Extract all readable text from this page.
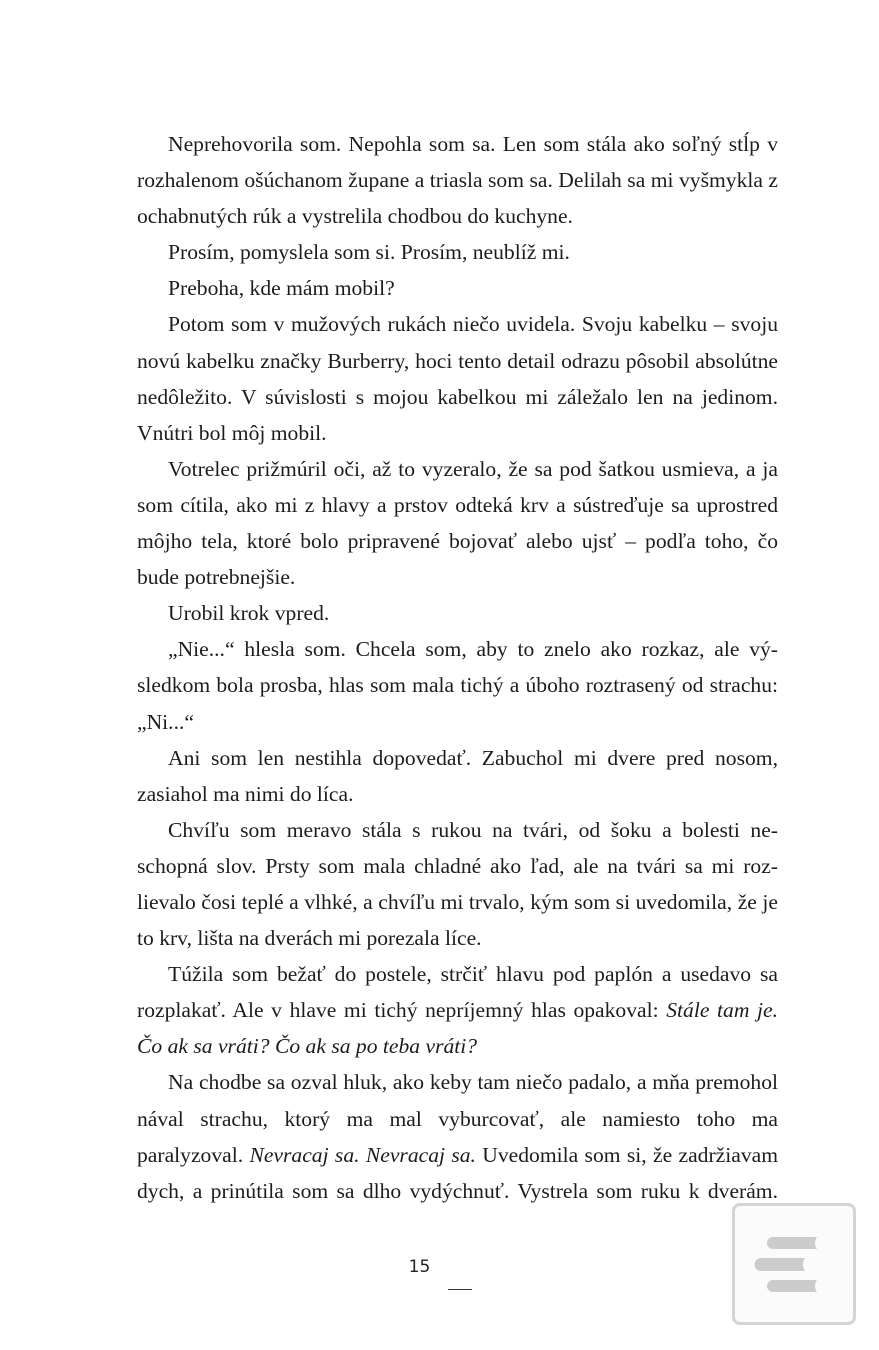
Neprehovorila som. Nepohla som sa. Len som stála ako soľný stĺp v rozhalenom ošúchanom župane a triasla som sa. Delilah sa mi vyšmykla z ochabnutých rúk a vystrelila chodbou do kuchyne.

Prosím, pomyslela som si. Prosím, neublíž mi.

Preboha, kde mám mobil?

Potom som v mužových rukách niečo uvidela. Svoju kabelku – svoju novú kabelku značky Burberry, hoci tento detail odrazu pôsobil absolútne nedôležito. V súvislosti s mojou kabelkou mi záležalo len na jedinom. Vnútri bol môj mobil.

Votrelec prižmúril oči, až to vyzeralo, že sa pod šatkou usmieva, a ja som cítila, ako mi z hlavy a prstov odteká krv a sústreďuje sa uprostred môjho tela, ktoré bolo pripravené bojovať alebo ujsť – podľa toho, čo bude potrebnejšie.

Urobil krok vpred.

„Nie...“ hlesla som. Chcela som, aby to znelo ako rozkaz, ale výsledkom bola prosba, hlas som mala tichý a úboho roztrasený od strachu: „Ni...“

Ani som len nestihla dopovedať. Zabuchol mi dvere pred nosom, zasiahol ma nimi do líca.

Chvíľu som meravo stála s rukou na tvári, od šoku a bolesti neschopná slov. Prsty som mala chladné ako ľad, ale na tvári sa mi rozlievalo čosi teplé a vlhké, a chvíľu mi trvalo, kým som si uvedomila, že je to krv, lišta na dverách mi porezala líce.

Túžila som bežať do postele, strčiť hlavu pod paplón a usedavo sa rozplakať. Ale v hlave mi tichý nepríjemný hlas opakoval: Stále tam je. Čo ak sa vráti? Čo ak sa po teba vráti?

Na chodbe sa ozval hluk, ako keby tam niečo padalo, a mňa premohol nával strachu, ktorý ma mal vyburcovať, ale namiesto toho ma paralyzoval. Nevracaj sa. Nevracaj sa. Uvedomila som si, že zadržiavam dych, a prinútila som sa dlho vydýchnuť. Vystrela som ruku k dverám.

15
